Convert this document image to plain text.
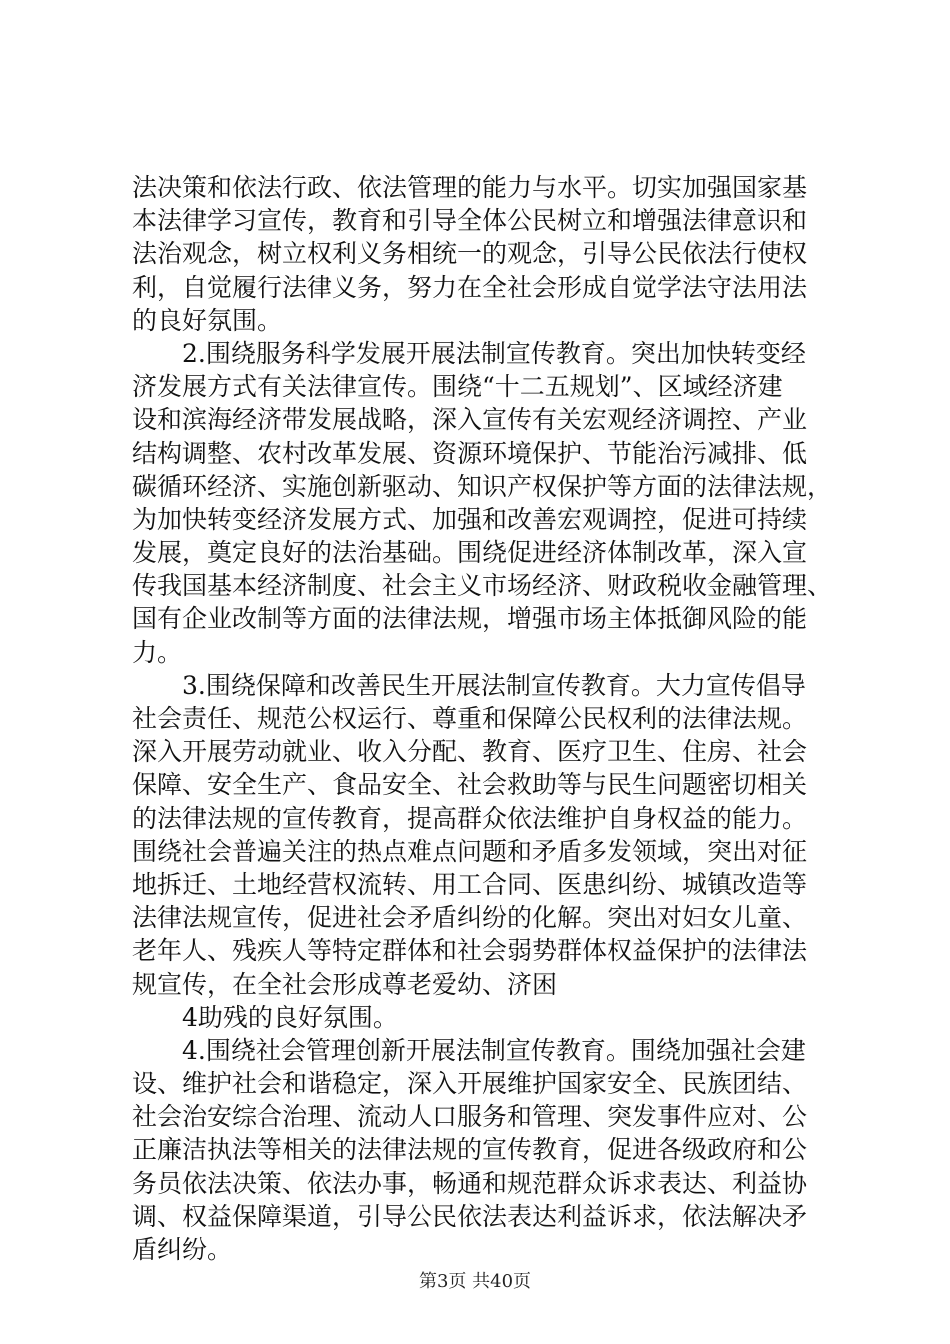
法决策和依法行政、依法管理的能力与水平。切实加强国家基
本法律学习宣传，教育和引导全体公民树立和增强法律意识和
法治观念，树立权利义务相统一的观念，引导公民依法行使权
利，自觉履行法律义务，努力在全社会形成自觉学法守法用法
的良好氛围。
　　2.围绕服务科学发展开展法制宣传教育。突出加快转变经
济发展方式有关法律宣传。围绕“十二五规划”、区域经济建
设和滨海经济带发展战略，深入宣传有关宏观经济调控、产业
结构调整、农村改革发展、资源环境保护、节能治污减排、低
碳循环经济、实施创新驱动、知识产权保护等方面的法律法规，
为加快转变经济发展方式、加强和改善宏观调控，促进可持续
发展，奠定良好的法治基础。围绕促进经济体制改革，深入宣
传我国基本经济制度、社会主义市场经济、财政税收金融管理、
国有企业改制等方面的法律法规，增强市场主体抵御风险的能
力。
　　3.围绕保障和改善民生开展法制宣传教育。大力宣传倡导
社会责任、规范公权运行、尊重和保障公民权利的法律法规。
深入开展劳动就业、收入分配、教育、医疗卫生、住房、社会
保障、安全生产、食品安全、社会救助等与民生问题密切相关
的法律法规的宣传教育，提高群众依法维护自身权益的能力。
围绕社会普遍关注的热点难点问题和矛盾多发领域，突出对征
地拆迁、土地经营权流转、用工合同、医患纠纷、城镇改造等
法律法规宣传，促进社会矛盾纠纷的化解。突出对妇女儿童、
老年人、残疾人等特定群体和社会弱势群体权益保护的法律法
规宣传，在全社会形成尊老爱幼、济困
　　4助残的良好氛围。
　　4.围绕社会管理创新开展法制宣传教育。围绕加强社会建
设、维护社会和谐稳定，深入开展维护国家安全、民族团结、
社会治安综合治理、流动人口服务和管理、突发事件应对、公
正廉洁执法等相关的法律法规的宣传教育，促进各级政府和公
务员依法决策、依法办事，畅通和规范群众诉求表达、利益协
调、权益保障渠道，引导公民依法表达利益诉求，依法解决矛
盾纠纷。
第3页 共40页
